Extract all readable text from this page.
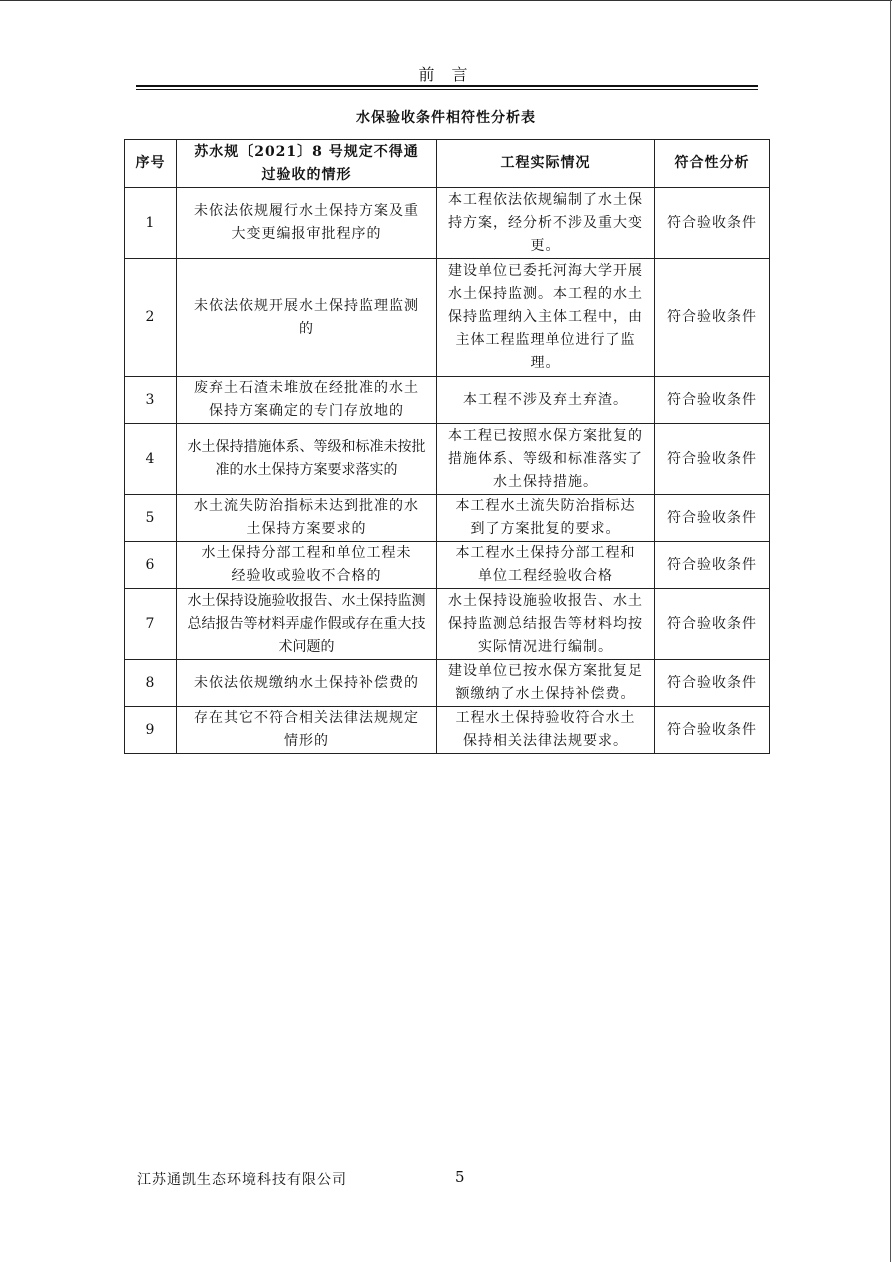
前 言
水保验收条件相符性分析表
序号	苏水规〔2021〕8 号规定不得通过验收的情形	工程实际情况	符合性分析
1	未依法依规履行水土保持方案及重大变更编报审批程序的	本工程依法依规编制了水土保持方案，经分析不涉及重大变更。	符合验收条件
2	未依法依规开展水土保持监理监测的	建设单位已委托河海大学开展水土保持监测。本工程的水土保持监理纳入主体工程中，由主体工程监理单位进行了监理。	符合验收条件
3	废弃土石渣未堆放在经批准的水土保持方案确定的专门存放地的	本工程不涉及弃土弃渣。	符合验收条件
4	水土保持措施体系、等级和标准未按批准的水土保持方案要求落实的	本工程已按照水保方案批复的措施体系、等级和标准落实了水土保持措施。	符合验收条件
5	水土流失防治指标未达到批准的水土保持方案要求的	本工程水土流失防治指标达到了方案批复的要求。	符合验收条件
6	水土保持分部工程和单位工程未经验收或验收不合格的	本工程水土保持分部工程和单位工程经验收合格	符合验收条件
7	水土保持设施验收报告、水土保持监测总结报告等材料弄虚作假或存在重大技术问题的	水土保持设施验收报告、水土保持监测总结报告等材料均按实际情况进行编制。	符合验收条件
8	未依法依规缴纳水土保持补偿费的	建设单位已按水保方案批复足额缴纳了水土保持补偿费。	符合验收条件
9	存在其它不符合相关法律法规规定情形的	工程水土保持验收符合水土保持相关法律法规要求。	符合验收条件
江苏通凯生态环境科技有限公司	5
